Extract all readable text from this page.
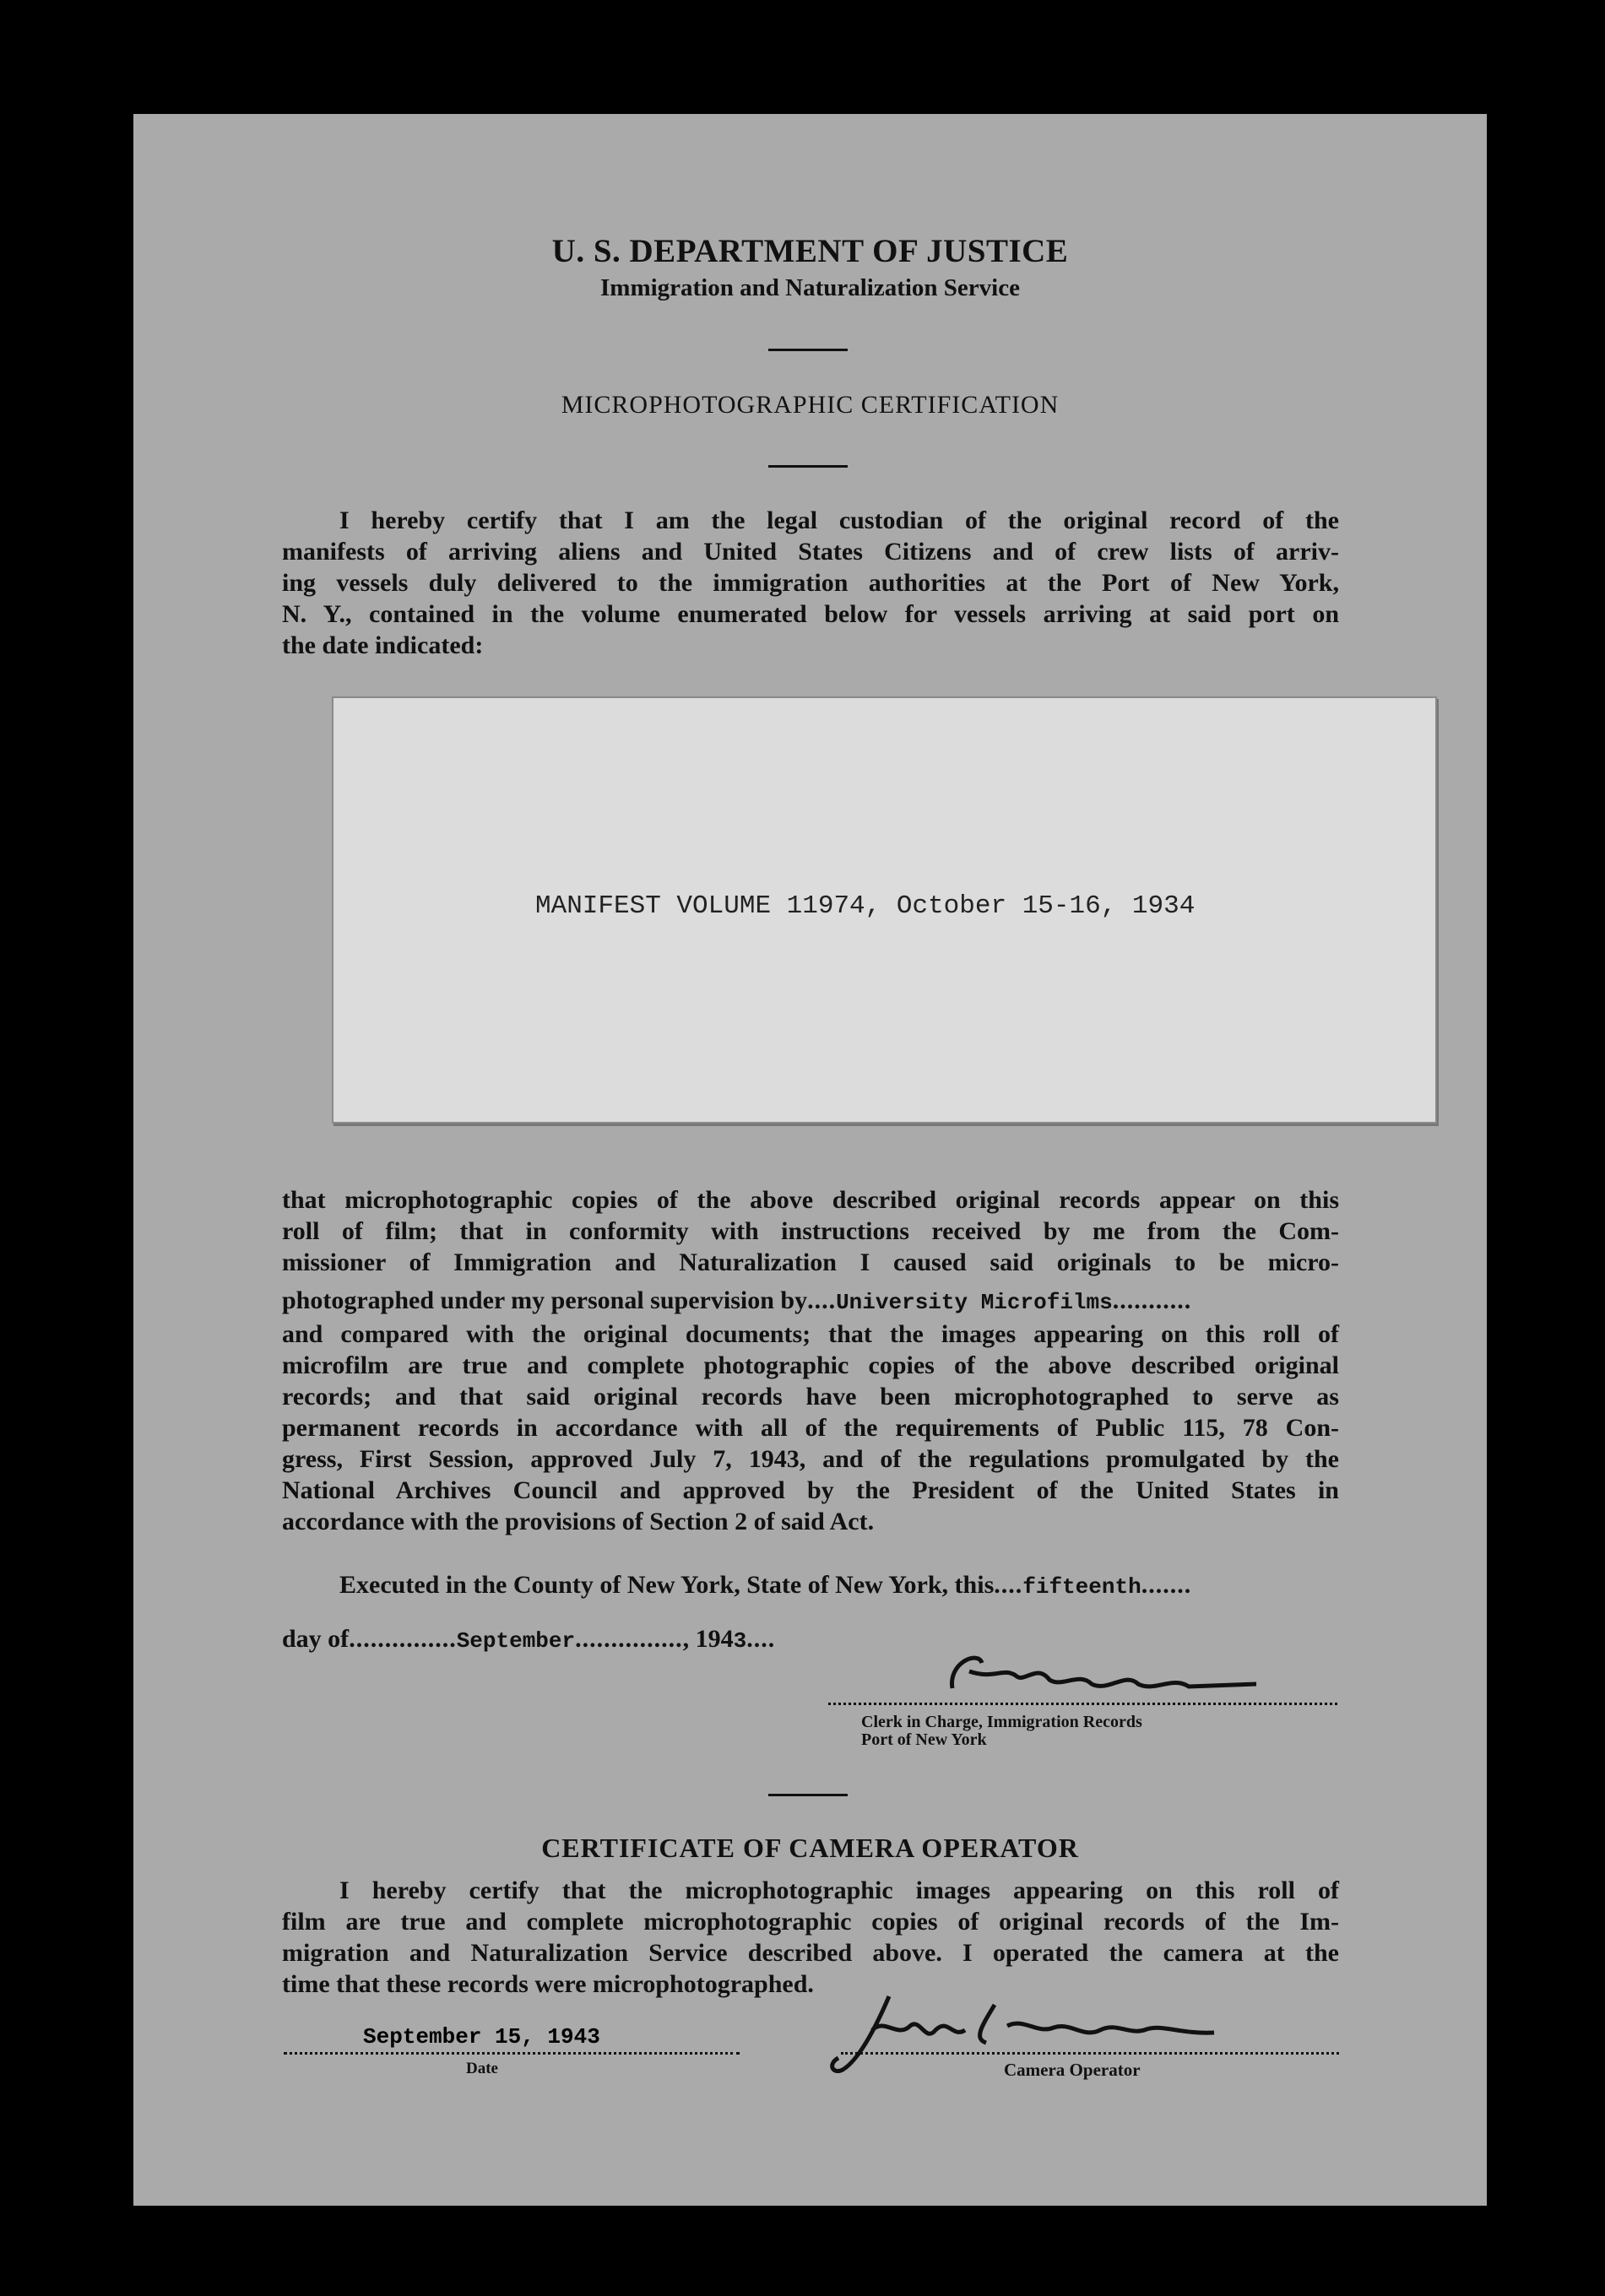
U. S. DEPARTMENT OF JUSTICE
Immigration and Naturalization Service
MICROPHOTOGRAPHIC CERTIFICATION
I hereby certify that I am the legal custodian of the original record of the
manifests of arriving aliens and United States Citizens and of crew lists of arriv-
ing vessels duly delivered to the immigration authorities at the Port of New York,
N. Y., contained in the volume enumerated below for vessels arriving at said port on
the date indicated:
MANIFEST VOLUME 11974, October 15-16, 1934
that microphotographic copies of the above described original records appear on this
roll of film; that in conformity with instructions received by me from the Com-
missioner of Immigration and Naturalization I caused said originals to be micro-
photographed under my personal supervision by....University Microfilms...........
and compared with the original documents; that the images appearing on this roll of
microfilm are true and complete photographic copies of the above described original
records; and that said original records have been microphotographed to serve as
permanent records in accordance with all of the requirements of Public 115, 78 Con-
gress, First Session, approved July 7, 1943, and of the regulations promulgated by the
National Archives Council and approved by the President of the United States in
accordance with the provisions of Section 2 of said Act.
Executed in the County of New York, State of New York, this....fifteenth.......
day of...............September..............., 1943....
Clerk in Charge, Immigration Records
Port of New York
CERTIFICATE OF CAMERA OPERATOR
I hereby certify that the microphotographic images appearing on this roll of
film are true and complete microphotographic copies of original records of the Im-
migration and Naturalization Service described above. I operated the camera at the
time that these records were microphotographed.
September 15, 1943
Date	Camera Operator
